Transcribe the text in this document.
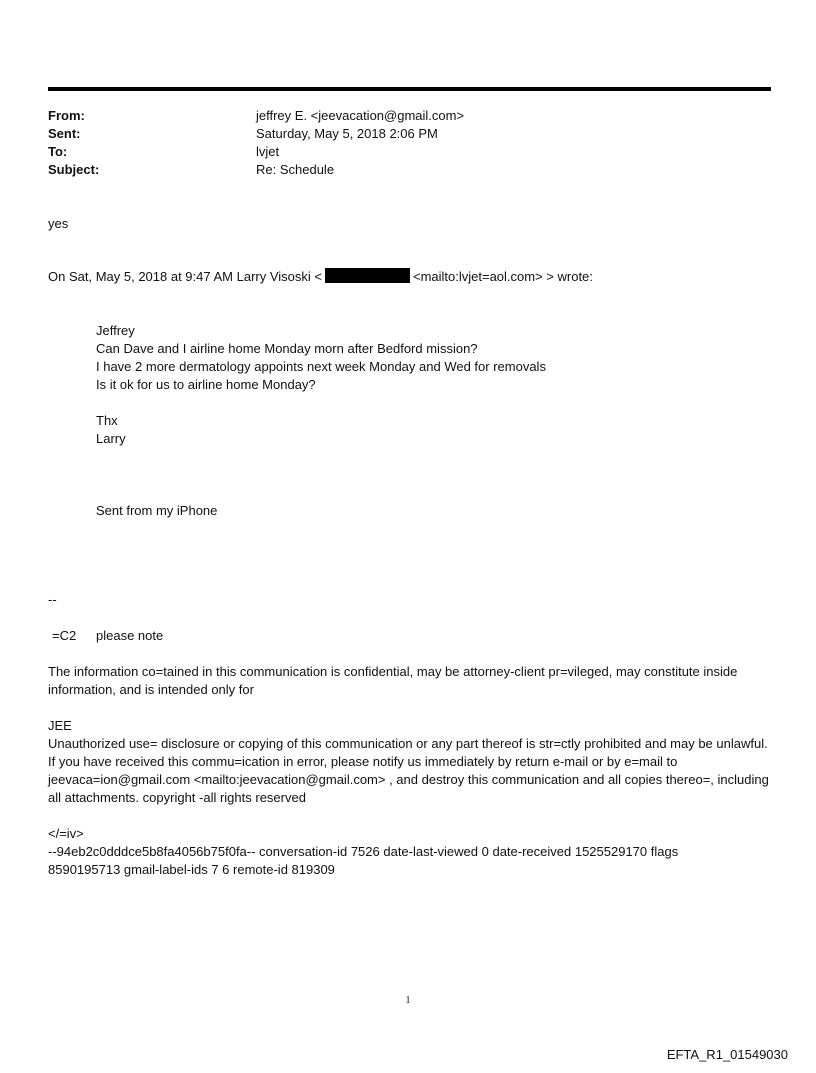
From:	jeffrey E. <jeevacation@gmail.com>
Sent:	Saturday, May 5, 2018 2:06 PM
To:	lvjet
Subject:	Re: Schedule
yes
On Sat, May 5, 2018 at 9:47 AM Larry Visoski <	<mailto:lvjet=aol.com> > wrote:
Jeffrey
Can Dave and I airline home Monday morn after Bedford mission?
I have 2 more dermatology appoints next week Monday and Wed for removals
Is it ok for us to airline home Monday?
Thx
Larry
Sent from my iPhone
--
=C2 please note
The information co=tained in this communication is confidential, may be attorney-client pr=vileged, may constitute inside information, and is intended only for
JEE
Unauthorized use= disclosure or copying of this communication or any part thereof is str=ctly prohibited and may be unlawful. If you have received this commu=ication in error, please notify us immediately by return e-mail or by e=mail to jeevaca=ion@gmail.com <mailto:jeevacation@gmail.com> , and destroy this communication and all copies thereo=, including all attachments. copyright -all rights reserved
</=iv>
--94eb2c0dddce5b8fa4056b75f0fa-- conversation-id 7526 date-last-viewed 0 date-received 1525529170 flags 8590195713 gmail-label-ids 7 6 remote-id 819309
1
EFTA_R1_01549030
